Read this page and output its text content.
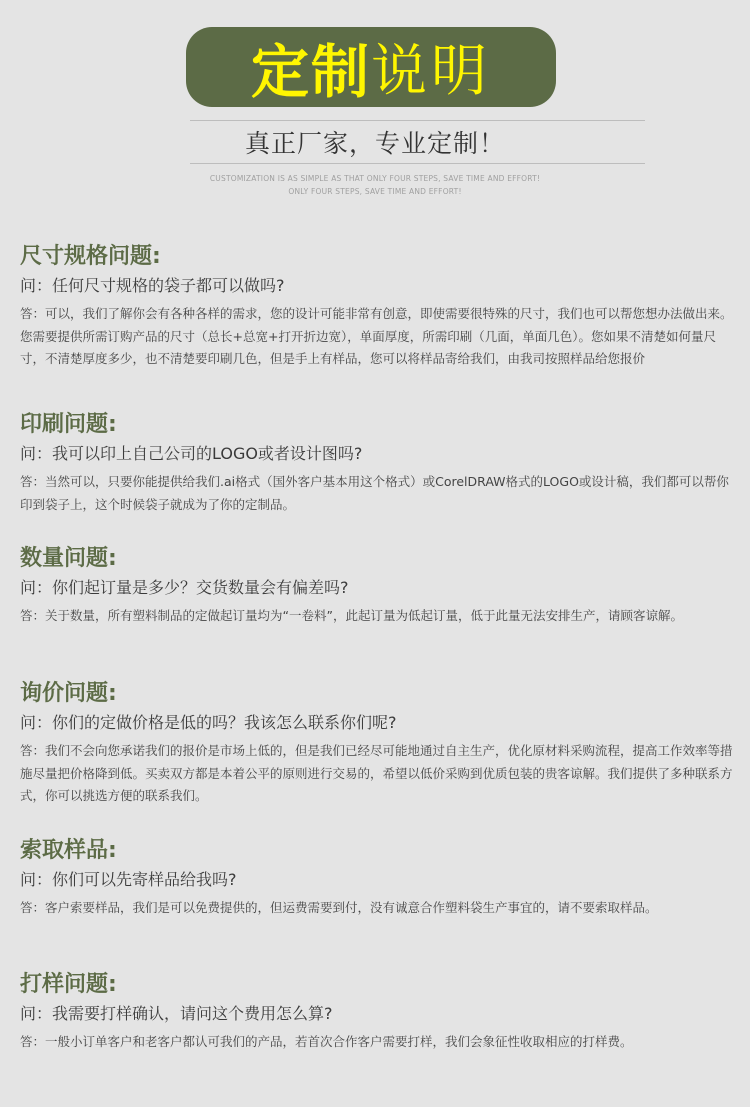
定制 说明
真正厂家，专业定制！
CUSTOMIZATION IS AS SIMPLE AS THAT ONLY FOUR STEPS, SAVE TIME AND EFFORT!
ONLY FOUR STEPS, SAVE TIME AND EFFORT!
尺寸规格问题:
问：任何尺寸规格的袋子都可以做吗?
答：可以，我们了解你会有各种各样的需求，您的设计可能非常有创意，即使需要很特殊的尺寸，我们也可以帮您想办法做出来。您需要提供所需订购产品的尺寸（总长+总宽+打开折边宽），单面厚度，所需印刷（几面，单面几色）。您如果不清楚如何量尺寸，不清楚厚度多少，也不清楚要印刷几色，但是手上有样品，您可以将样品寄给我们，由我司按照样品给您报价
印刷问题:
问：我可以印上自己公司的LOGO或者设计图吗?
答：当然可以，只要你能提供给我们.ai格式（国外客户基本用这个格式）或CorelDRAW格式的LOGO或设计稿，我们都可以帮你印到袋子上，这个时候袋子就成为了你的定制品。
数量问题:
问：你们起订量是多少？交货数量会有偏差吗?
答：关于数量，所有塑料制品的定做起订量均为“一卷料”，此起订量为低起订量，低于此量无法安排生产，请顾客谅解。
询价问题:
问：你们的定做价格是低的吗？我该怎么联系你们呢?
答：我们不会向您承诺我们的报价是市场上低的，但是我们已经尽可能地通过自主生产，优化原材料采购流程，提高工作效率等措施尽量把价格降到低。买卖双方都是本着公平的原则进行交易的，希望以低价采购到优质包装的贵客谅解。我们提供了多种联系方式，你可以挑选方便的联系我们。
索取样品:
问：你们可以先寄样品给我吗?
答：客户索要样品，我们是可以免费提供的，但运费需要到付，没有诚意合作塑料袋生产事宜的，请不要索取样品。
打样问题:
问：我需要打样确认，请问这个费用怎么算?
答：一般小订单客户和老客户都认可我们的产品，若首次合作客户需要打样，我们会象征性收取相应的打样费。
